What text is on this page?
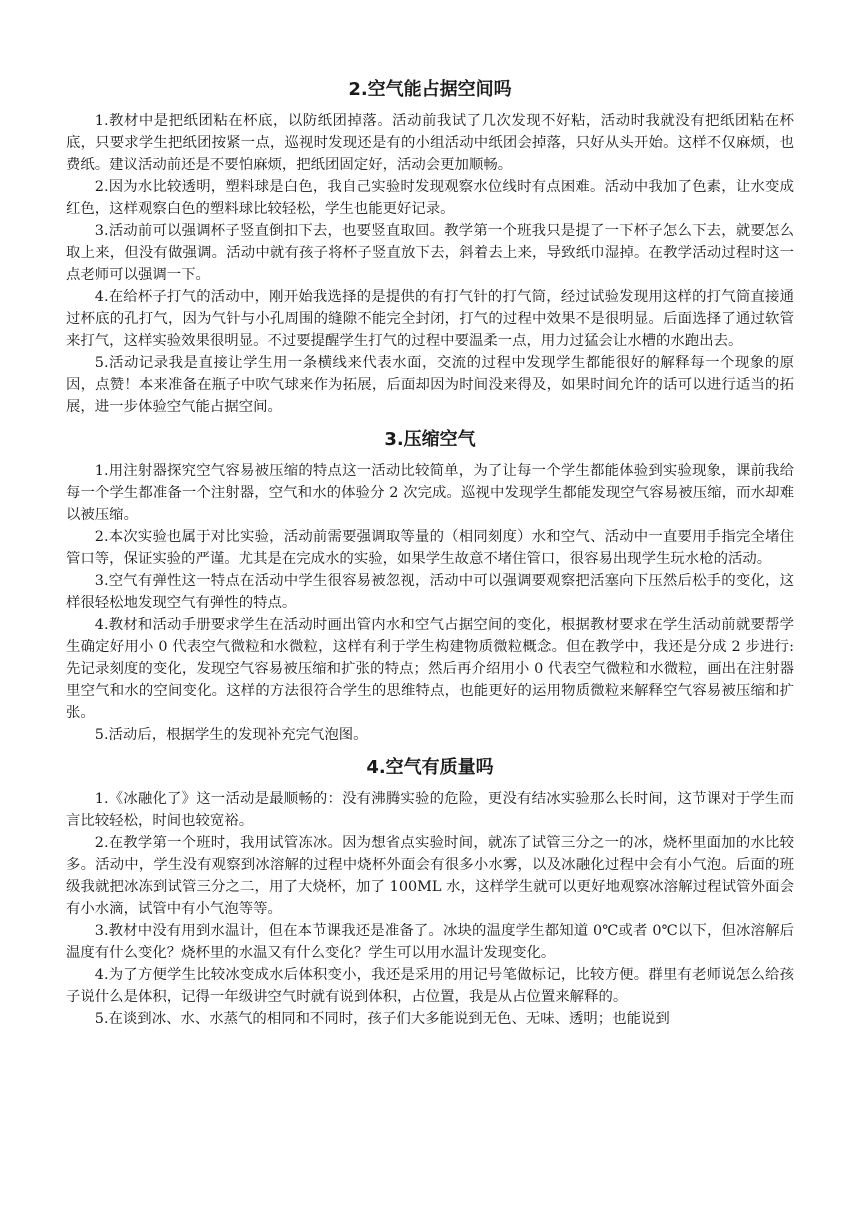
2.空气能占据空间吗

1.教材中是把纸团粘在杯底，以防纸团掉落。活动前我试了几次发现不好粘，活动时我就没有把纸团粘在杯底，只要求学生把纸团按紧一点，巡视时发现还是有的小组活动中纸团会掉落，只好从头开始。这样不仅麻烦，也费纸。建议活动前还是不要怕麻烦，把纸团固定好，活动会更加顺畅。

2.因为水比较透明，塑料球是白色，我自己实验时发现观察水位线时有点困难。活动中我加了色素，让水变成红色，这样观察白色的塑料球比较轻松，学生也能更好记录。

3.活动前可以强调杯子竖直倒扣下去，也要竖直取回。教学第一个班我只是提了一下杯子怎么下去，就要怎么取上来，但没有做强调。活动中就有孩子将杯子竖直放下去，斜着去上来，导致纸巾湿掉。在教学活动过程时这一点老师可以强调一下。

4.在给杯子打气的活动中，刚开始我选择的是提供的有打气针的打气筒，经过试验发现用这样的打气筒直接通过杯底的孔打气，因为气针与小孔周围的缝隙不能完全封闭，打气的过程中效果不是很明显。后面选择了通过软管来打气，这样实验效果很明显。不过要提醒学生打气的过程中要温柔一点，用力过猛会让水槽的水跑出去。

5.活动记录我是直接让学生用一条横线来代表水面，交流的过程中发现学生都能很好的解释每一个现象的原因，点赞！本来准备在瓶子中吹气球来作为拓展，后面却因为时间没来得及，如果时间允许的话可以进行适当的拓展，进一步体验空气能占据空间。

3.压缩空气

1.用注射器探究空气容易被压缩的特点这一活动比较简单，为了让每一个学生都能体验到实验现象，课前我给每一个学生都准备一个注射器，空气和水的体验分 2 次完成。巡视中发现学生都能发现空气容易被压缩，而水却难以被压缩。

2.本次实验也属于对比实验，活动前需要强调取等量的（相同刻度）水和空气、活动中一直要用手指完全堵住管口等，保证实验的严谨。尤其是在完成水的实验，如果学生故意不堵住管口，很容易出现学生玩水枪的活动。

3.空气有弹性这一特点在活动中学生很容易被忽视，活动中可以强调要观察把活塞向下压然后松手的变化，这样很轻松地发现空气有弹性的特点。

4.教材和活动手册要求学生在活动时画出管内水和空气占据空间的变化，根据教材要求在学生活动前就要帮学生确定好用小 0 代表空气微粒和水微粒，这样有利于学生构建物质微粒概念。但在教学中，我还是分成 2 步进行:先记录刻度的变化，发现空气容易被压缩和扩张的特点；然后再介绍用小 0 代表空气微粒和水微粒，画出在注射器里空气和水的空间变化。这样的方法很符合学生的思维特点，也能更好的运用物质微粒来解释空气容易被压缩和扩张。

5.活动后，根据学生的发现补充完气泡图。

4.空气有质量吗

1.《冰融化了》这一活动是最顺畅的：没有沸腾实验的危险，更没有结冰实验那么长时间，这节课对于学生而言比较轻松，时间也较宽裕。

2.在教学第一个班时，我用试管冻冰。因为想省点实验时间，就冻了试管三分之一的冰，烧杯里面加的水比较多。活动中，学生没有观察到冰溶解的过程中烧杯外面会有很多小水雾，以及冰融化过程中会有小气泡。后面的班级我就把冰冻到试管三分之二，用了大烧杯，加了 100ML 水，这样学生就可以更好地观察冰溶解过程试管外面会有小水滴，试管中有小气泡等等。

3.教材中没有用到水温计，但在本节课我还是准备了。冰块的温度学生都知道 0℃或者 0℃以下，但冰溶解后温度有什么变化？烧杯里的水温又有什么变化？学生可以用水温计发现变化。

4.为了方便学生比较冰变成水后体积变小，我还是采用的用记号笔做标记，比较方便。群里有老师说怎么给孩子说什么是体积，记得一年级讲空气时就有说到体积，占位置，我是从占位置来解释的。

5.在谈到冰、水、水蒸气的相同和不同时，孩子们大多能说到无色、无味、透明；也能说到
